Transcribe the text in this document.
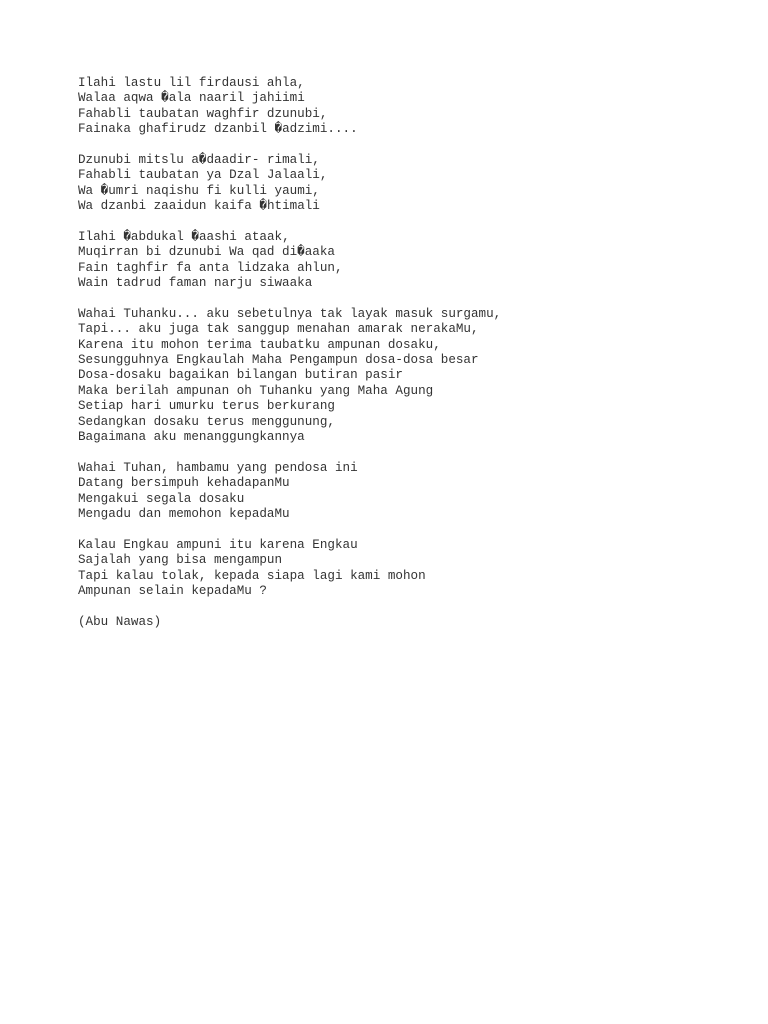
Ilahi lastu lil firdausi ahla,
Walaa aqwa �ala naaril jahiimi
Fahabli taubatan waghfir dzunubi,
Fainaka ghafirudz dzanbil �adzimi....
Dzunubi mitslu a�daadir- rimali,
Fahabli taubatan ya Dzal Jalaali,
Wa �umri naqishu fi kulli yaumi,
Wa dzanbi zaaidun kaifa �htimali
Ilahi �abdukal �aashi ataak,
Muqirran bi dzunubi Wa qad di�aaka
Fain taghfir fa anta lidzaka ahlun,
Wain tadrud faman narju siwaaka
Wahai Tuhanku... aku sebetulnya tak layak masuk surgamu,
Tapi... aku juga tak sanggup menahan amarak nerakaMu,
Karena itu mohon terima taubatku ampunan dosaku,
Sesungguhnya Engkaulah Maha Pengampun dosa-dosa besar
Dosa-dosaku bagaikan bilangan butiran pasir
Maka berilah ampunan oh Tuhanku yang Maha Agung
Setiap hari umurku terus berkurang
Sedangkan dosaku terus menggunung,
Bagaimana aku menanggungkannya
Wahai Tuhan, hambamu yang pendosa ini
Datang bersimpuh kehadapanMu
Mengakui segala dosaku
Mengadu dan memohon kepadaMu
Kalau Engkau ampuni itu karena Engkau
Sajalah yang bisa mengampun
Tapi kalau tolak, kepada siapa lagi kami mohon
Ampunan selain kepadaMu ?
(Abu Nawas)
